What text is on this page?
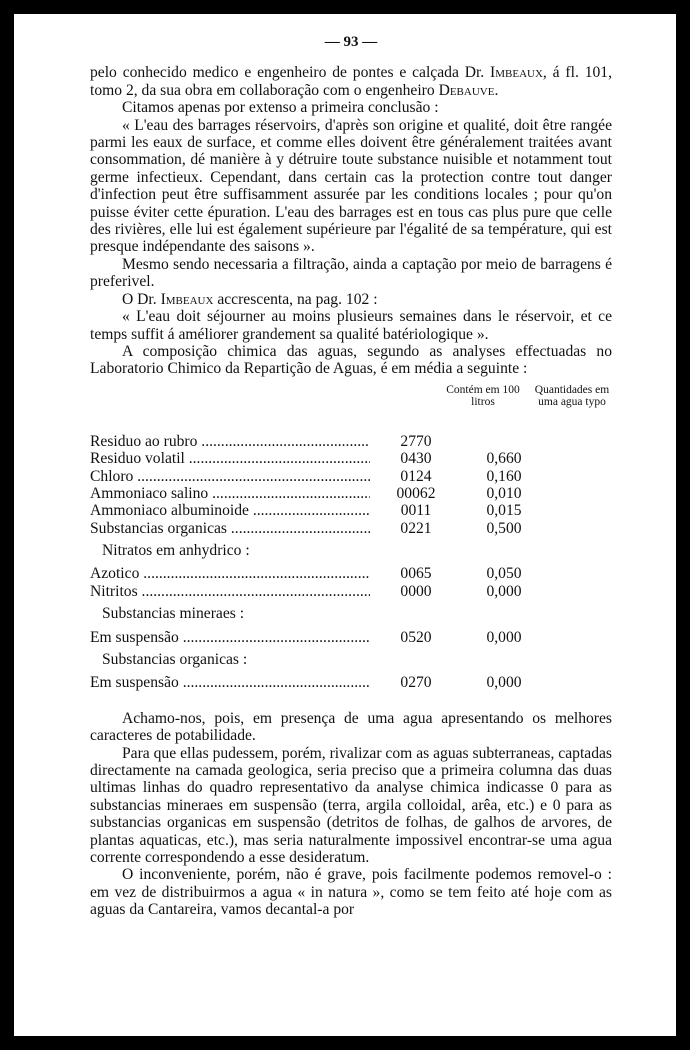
— 93 —

pelo conhecido medico e engenheiro de pontes e calçada Dr. Imbeaux, á fl. 101, tomo 2, da sua obra em collaboração com o engenheiro Debauve.

Citamos apenas por extenso a primeira conclusão :

« L'eau des barrages réservoirs, d'après son origine et qualité, doit être rangée parmi les eaux de surface, et comme elles doivent être généralement traitées avant consommation, dé manière à y détruire toute substance nuisible et notamment tout germe infectieux. Cependant, dans certain cas la protection contre tout danger d'infection peut être suffisamment assurée par les conditions locales ; pour qu'on puisse éviter cette épuration. L'eau des barrages est en tous cas plus pure que celle des rivières, elle lui est également supérieure par l'égalité de sa température, qui est presque indépendante des saisons ».

Mesmo sendo necessaria a filtração, ainda a captação por meio de barragens é preferivel.

O Dr. Imbeaux accrescenta, na pag. 102 :

« L'eau doit séjourner au moins plusieurs semaines dans le réservoir, et ce temps suffit á améliorer grandement sa qualité batériologique ».

A composição chimica das aguas, segundo as analyses effectuadas no Laboratorio Chimico da Repartição de Aguas, é em média a seguinte :

Contém em 100 litros
Quantidades em uma agua typo
Residuo ao rubro .....	2770
Residuo volatil .....	0430	0,660
Chloro .....	0124	0,160
Ammoniaco salino .....	00062	0,010
Ammoniaco albuminoide .....	0011	0,015
Substancias organicas .....	0221	0,500
Nitratos em anhydrico :
Azotico .....	0065	0,050
Nitritos .....	0000	0,000
Substancias mineraes :
Em suspensão .....	0520	0,000
Substancias organicas :
Em suspensão .....	0270	0,000

Achamo-nos, pois, em presença de uma agua apresentando os melhores caracteres de potabilidade.

Para que ellas pudessem, porém, rivalizar com as aguas subterraneas, captadas directamente na camada geologica, seria preciso que a primeira columna das duas ultimas linhas do quadro representativo da analyse chimica indicasse 0 para as substancias mineraes em suspensão (terra, argila colloidal, arêa, etc.) e 0 para as substancias organicas em suspensão (detritos de folhas, de galhos de arvores, de plantas aquaticas, etc.), mas seria naturalmente impossivel encontrar-se uma agua corrente correspondendo a esse desideratum.

O inconveniente, porém, não é grave, pois facilmente podemos removel-o : em vez de distribuirmos a agua « in natura », como se tem feito até hoje com as aguas da Cantareira, vamos decantal-a por
